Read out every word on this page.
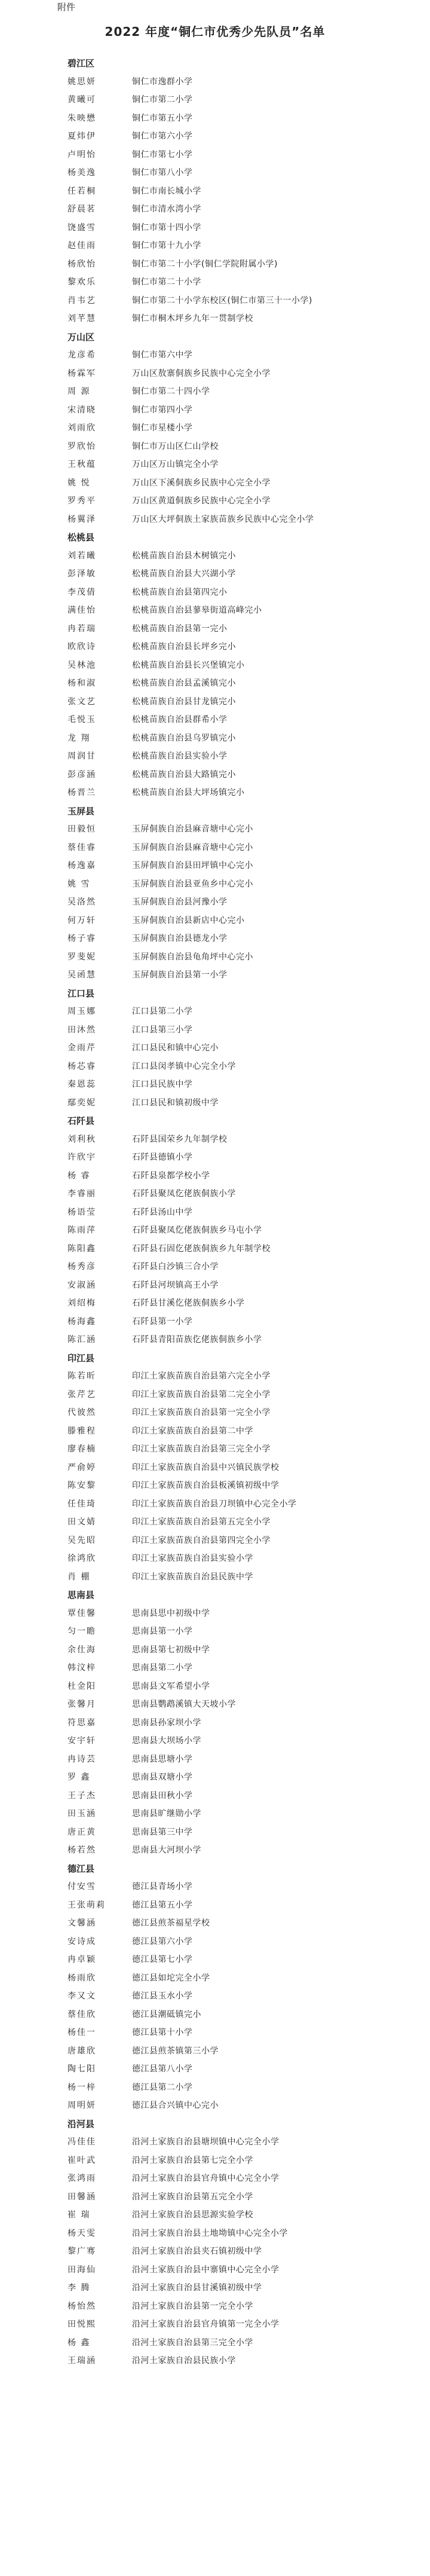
附件
2022 年度“铜仁市优秀少先队员”名单
碧江区
姚思妍	铜仁市逸群小学
黄曦可	铜仁市第二小学
朱映懋	铜仁市第五小学
夏炜伊	铜仁市第六小学
卢明怡	铜仁市第七小学
杨美逸	铜仁市第八小学
任若桐	铜仁市南长城小学
舒晨茗	铜仁市清水湾小学
饶盛雪	铜仁市第十四小学
赵佳雨	铜仁市第十九小学
杨欣怡	铜仁市第二十小学(铜仁学院附属小学)
黎欢乐	铜仁市第二十小学
肖韦艺	铜仁市第二十小学东校区(铜仁市第三十一小学)
刘芊慧	铜仁市桐木坪乡九年一贯制学校
万山区
龙彦希	铜仁市第六中学
杨霖军	万山区敖寨侗族乡民族中心完全小学
周 源	铜仁市第二十四小学
宋清晓	铜仁市第四小学
刘雨欣	铜仁市星楼小学
罗欣怡	铜仁市万山区仁山学校
王秋蕴	万山区万山镇完全小学
姚 悦	万山区下溪侗族乡民族中心完全小学
罗秀平	万山区黄道侗族乡民族中心完全小学
杨翼泽	万山区大坪侗族土家族苗族乡民族中心完全小学
松桃县
刘若曦	松桃苗族自治县木树镇完小
彭泽敏	松桃苗族自治县大兴湖小学
李茂倩	松桃苗族自治县第四完小
满佳怡	松桃苗族自治县蓼皋街道高峰完小
冉若瑞	松桃苗族自治县第一完小
欧欣诗	松桃苗族自治县长坪乡完小
吴林池	松桃苗族自治县长兴堡镇完小
杨和淑	松桃苗族自治县孟溪镇完小
张文艺	松桃苗族自治县甘龙镇完小
毛悦玉	松桃苗族自治县群希小学
龙 翔	松桃苗族自治县乌罗镇完小
周润甘	松桃苗族自治县实验小学
彭彦涵	松桃苗族自治县大路镇完小
杨晋兰	松桃苗族自治县大坪场镇完小
玉屏县
田毅恒	玉屏侗族自治县麻音塘中心完小
蔡佳睿	玉屏侗族自治县麻音塘中心完小
杨逸嘉	玉屏侗族自治县田坪镇中心完小
姚 雪	玉屏侗族自治县亚鱼乡中心完小
吴洛然	玉屏侗族自治县河豫小学
何万轩	玉屏侗族自治县新店中心完小
杨子睿	玉屏侗族自治县德龙小学
罗斐妮	玉屏侗族自治县龟角坪中心完小
吴函慧	玉屏侗族自治县第一小学
江口县
周玉娜	江口县第二小学
田沐然	江口县第三小学
金雨芹	江口县民和镇中心完小
杨芯睿	江口县闵孝镇中心完全小学
秦恩蕊	江口县民族中学
鄢奕妮	江口县民和镇初级中学
石阡县
刘利秋	石阡县国荣乡九年制学校
许欣宇	石阡县德镇小学
杨 睿	石阡县泉都学校小学
李睿丽	石阡县聚凤仡佬族侗族小学
杨语莹	石阡县汤山中学
陈雨萍	石阡县聚凤仡佬族侗族乡马屯小学
陈阳鑫	石阡县石固仡佬族侗族乡九年制学校
杨秀彦	石阡县白沙镇三合小学
安淑涵	石阡县河坝镇高王小学
刘绍梅	石阡县甘溪仡佬族侗族乡小学
杨海鑫	石阡县第一小学
陈汇涵	石阡县青阳苗族仡佬族侗族乡小学
印江县
陈若昕	印江土家族苗族自治县第六完全小学
张芹艺	印江土家族苗族自治县第二完全小学
代彼然	印江土家族苗族自治县第一完全小学
滕雅程	印江土家族苗族自治县第二中学
廖春楠	印江土家族苗族自治县第三完全小学
严俞婷	印江土家族苗族自治县中兴镇民族学校
陈安黎	印江土家族苗族自治县板溪镇初级中学
任佳琦	印江土家族苗族自治县刀坝镇中心完全小学
田文婧	印江土家族苗族自治县第五完全小学
吴先昭	印江土家族苗族自治县第四完全小学
徐鸿欣	印江土家族苗族自治县实验小学
肖 棚	印江土家族苗族自治县民族中学
思南县
覃佳馨	思南县思中初级中学
匀一瞻	思南县第一小学
余仕海	思南县第七初级中学
韩汶梓	思南县第二小学
杜金阳	思南县文军希望小学
张馨月	思南县鹦鹉溪镇大天坡小学
符思嘉	思南县孙家坝小学
安宇轩	思南县大坝场小学
冉诗芸	思南县思塘小学
罗 鑫	思南县双塘小学
王子杰	思南县田秋小学
田玉涵	思南县旷继勋小学
唐正黄	思南县第三中学
杨若然	思南县大河坝小学
德江县
付安雪	德江县青场小学
王张萌莉	德江县第五小学
文馨涵	德江县煎茶福星学校
安诗成	德江县第六小学
冉卓颖	德江县第七小学
杨雨欣	德江县如坨完全小学
李又文	德江县玉水小学
蔡佳欣	德江县潮砥镇完小
杨佳一	德江县第十小学
唐雄欣	德江县煎茶镇第三小学
陶七阳	德江县第八小学
杨一梓	德江县第二小学
周明妍	德江县合兴镇中心完小
沿河县
冯佳佳	沿河土家族自治县塘坝镇中心完全小学
崔叶武	沿河土家族自治县第七完全小学
张鸿雨	沿河土家族自治县官舟镇中心完全小学
田馨涵	沿河土家族自治县第五完全小学
崔 瑞	沿河土家族自治县思源实验学校
杨天雯	沿河土家族自治县土地坳镇中心完全小学
黎广骞	沿河土家族自治县夹石镇初级中学
田海仙	沿河土家族自治县中寨镇中心完全小学
李 腾	沿河土家族自治县甘溪镇初级中学
杨怡然	沿河土家族自治县第一完全小学
田悦熙	沿河土家族自治县官舟镇第一完全小学
杨 鑫	沿河土家族自治县第三完全小学
王瑞涵	沿河土家族自治县民族小学
